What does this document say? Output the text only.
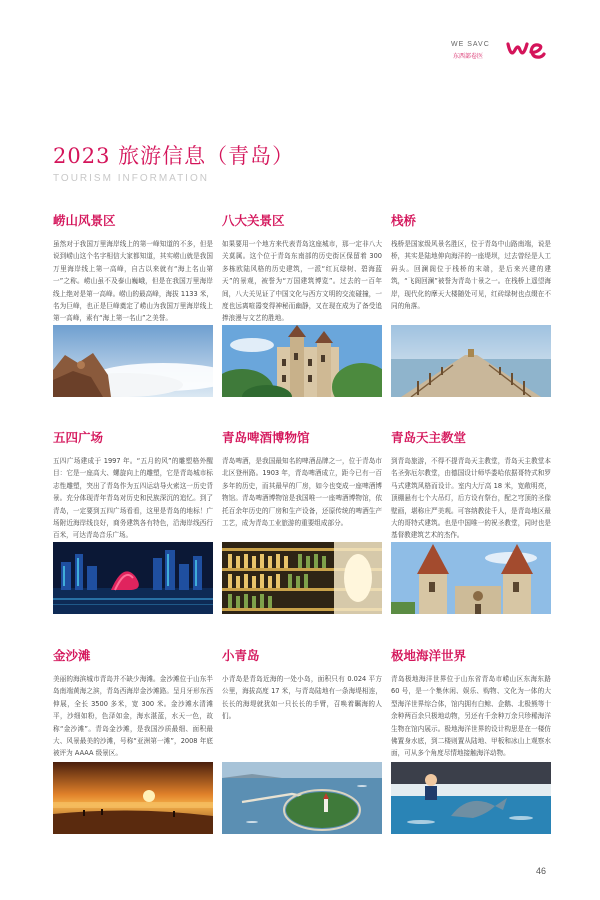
WE SAVC
东西部卷医
2023 旅游信息（青岛）
TOURISM INFORMATION
崂山风景区

虽然对于我国万里海岸线上的第一峰知道的不多，但是说到崂山这个名字相信大家都知道，其实崂山就是我国万里海岸线上第一高峰，自古以来就有“海上名山第一”之称。崂山虽不及泰山巍峨，但是在我国万里海岸线上绝对是第一高峰。崂山的最高峰，海拔 1133 米，名为巨峰，也正是巨峰奠定了崂山为我国万里海岸线上第一高峰，素有“海上第一名山”之美誉。

八大关景区

如果要用一个地方来代表青岛这座城市，那一定非八大关莫属。这个位于青岛东南部的历史街区保留着 300 多栋欧陆风格的历史建筑，一派“红瓦绿树、碧海蓝天”的景观，被誉为“万国建筑博览”。过去的一百年间，八大关见证了中国文化与西方文明的交流碰撞，一度也远离喧嚣变得神秘而幽静，又在现在成为了备受追捧浪漫与文艺的胜地。

栈桥

栈桥是国家级风景名胜区，位于青岛中山路南端，说是桥，其实是陆地伸向海洋的一座堤坝，过去曾经是人工码头。回澜阁位于栈桥的末端，是后来兴建的建筑，“飞阁回澜”被誉为青岛十景之一。在栈桥上遥望海岸，现代化的摩天大楼随处可见，红砖绿树也点缀在不同的角落。

五四广场

五四广场建成于 1997 年。“五月的风”的雕塑格外醒目：它是一座高大、螺旋向上的雕塑，它是青岛城市标志性雕塑，突出了青岛作为五四运动导火索这一历史背景。充分体现青年青岛对历史和民族深沉的追忆。到了青岛，一定要到五四广场看看，这里是青岛的地标！广场附近海岸线良好，商务建筑各有特色，沿海岸线西行百米，可达青岛音乐广场。

青岛啤酒博物馆

青岛啤酒，是我国最知名的啤酒品牌之一，位于青岛市北区登州路。1903 年，青岛啤酒成立，距今已有一百多年的历史，而其最早的厂房，如今也变成一座啤酒博物馆。青岛啤酒博物馆是我国唯一一座啤酒博物馆，依托百余年历史的厂房和生产设备，还原传统的啤酒生产工艺，成为青岛工业旅游的重要组成部分。

青岛天主教堂

到青岛旅游，不得不提青岛天主教堂，青岛天主教堂本名圣弥厄尔教堂，由德国设计师毕娄哈依据哥特式和罗马式建筑风格而设计。室内大厅高 18 米，宽敞明亮，顶棚悬有七个大吊灯，后方设有祭台，配之穹顶的圣像壁画，堪称庄严美观。可容纳教徒千人，是青岛地区最大的哥特式建筑。也是中国唯一的祝圣教堂，同时也是基督教建筑艺术的杰作。

金沙滩

美丽的海滨城市青岛并不缺少海滩。金沙滩位于山东半岛南端黄海之滨，青岛西海岸金沙滩路。呈月牙形东西伸展，全长 3500 多米，宽 300 米。金沙滩水清滩平，沙细如粉，色泽如金，海水湛蓝，水天一色，故称“金沙滩”。青岛金沙滩，是我国沙质最细、面积最大、风景最美的沙滩，号称“亚洲第一滩”，2008 年底被评为 AAAA 级景区。

小青岛

小青岛是青岛近海的一处小岛，面积只有 0.024 平方公里，海拔高度 17 米，与青岛陆地有一条海堤相连，长长的海堤就犹如一只长长的手臂，召唤着瞩海的人们。

极地海洋世界

青岛极地海洋世界位于山东省青岛市崂山区东海东路 60 号，是一个集休闲、娱乐、购物、文化为一体的大型海洋世界综合体，馆内拥有白鲸、企鹅、北极熊等十余种两百余只极地动物，另还有千余种万余只珍稀海洋生物在馆内展示。极地海洋世界的设计构思是在一楼仿佛置身水底，到二楼则置从陆地、甲板和冰山上观察水面，可从多个角度尽情地接触海洋动物。

46
